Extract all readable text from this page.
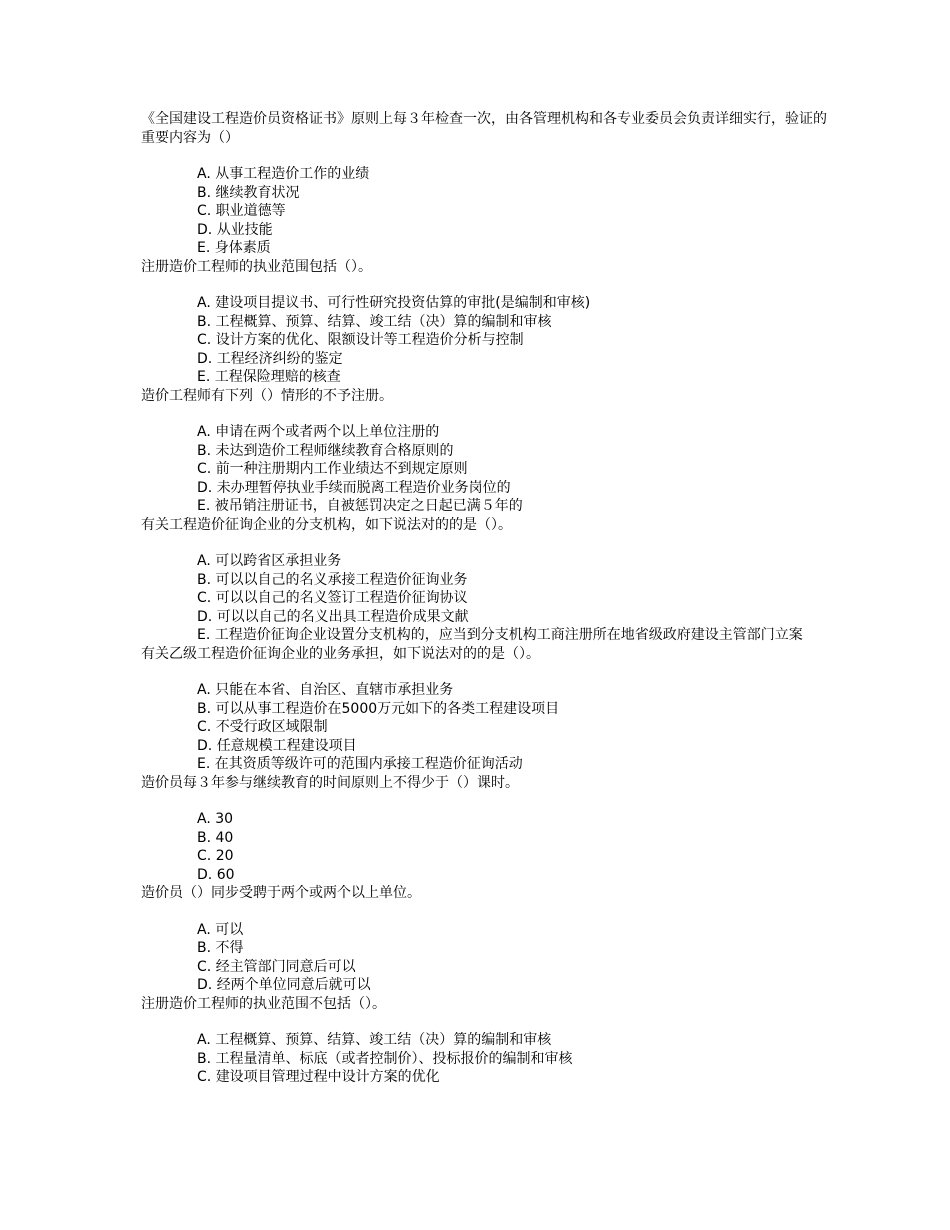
《全国建设工程造价员资格证书》原则上每３年检查一次，由各管理机构和各专业委员会负责详细实行，验证的重要内容为（）

A. 从事工程造价工作的业绩
B. 继续教育状况
C. 职业道德等
D. 从业技能
E. 身体素质

注册造价工程师的执业范围包括（）。

A. 建设项目提议书、可行性研究投资估算的审批(是编制和审核)
B. 工程概算、预算、结算、竣工结（决）算的编制和审核
C. 设计方案的优化、限额设计等工程造价分析与控制
D. 工程经济纠纷的鉴定
E. 工程保险理赔的核查

造价工程师有下列（）情形的不予注册。

A. 申请在两个或者两个以上单位注册的
B. 未达到造价工程师继续教育合格原则的
C. 前一种注册期内工作业绩达不到规定原则
D. 未办理暂停执业手续而脱离工程造价业务岗位的
E. 被吊销注册证书，自被惩罚决定之日起已满５年的

有关工程造价征询企业的分支机构，如下说法对的的是（）。

A. 可以跨省区承担业务
B. 可以以自己的名义承接工程造价征询业务
C. 可以以自己的名义签订工程造价征询协议
D. 可以以自己的名义出具工程造价成果文献
E. 工程造价征询企业设置分支机构的，应当到分支机构工商注册所在地省级政府建设主管部门立案

有关乙级工程造价征询企业的业务承担，如下说法对的的是（）。

A. 只能在本省、自治区、直辖市承担业务
B. 可以从事工程造价在5000万元如下的各类工程建设项目
C. 不受行政区域限制
D. 任意规模工程建设项目
E. 在其资质等级许可的范围内承接工程造价征询活动

造价员每３年参与继续教育的时间原则上不得少于（）课时。

A. 30
B. 40
C. 20
D. 60

造价员（）同步受聘于两个或两个以上单位。

A. 可以
B. 不得
C. 经主管部门同意后可以
D. 经两个单位同意后就可以

注册造价工程师的执业范围不包括（）。

A. 工程概算、预算、结算、竣工结（决）算的编制和审核
B. 工程量清单、标底（或者控制价）、投标报价的编制和审核
C. 建设项目管理过程中设计方案的优化
